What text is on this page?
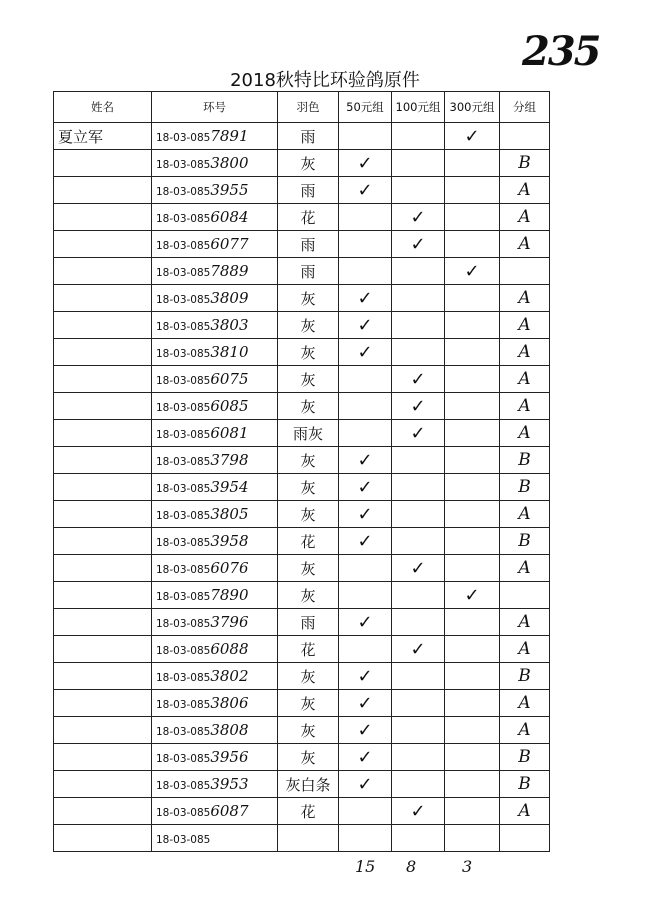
235
2018秋特比环验鸽原件
姓名	环号	羽色	50元组	100元组	300元组	分组
夏立军	18-03-0857891	雨			✓	
	18-03-0853800	灰	✓			B
	18-03-0853955	雨	✓			A
	18-03-0856084	花		✓		A
	18-03-0856077	雨		✓		A
	18-03-0857889	雨			✓	
	18-03-0853809	灰	✓			A
	18-03-0853803	灰	✓			A
	18-03-0853810	灰	✓			A
	18-03-0856075	灰		✓		A
	18-03-0856085	灰		✓		A
	18-03-0856081	雨灰		✓		A
	18-03-0853798	灰	✓			B
	18-03-0853954	灰	✓			B
	18-03-0853805	灰	✓			A
	18-03-0853958	花	✓			B
	18-03-0856076	灰		✓		A
	18-03-0857890	灰			✓	
	18-03-0853796	雨	✓			A
	18-03-0856088	花		✓		A
	18-03-0853802	灰	✓			B
	18-03-0853806	灰	✓			A
	18-03-0853808	灰	✓			A
	18-03-0853956	灰	✓			B
	18-03-0853953	灰白条	✓			B
	18-03-0856087	花		✓		A
	18-03-085					
15 8	3
